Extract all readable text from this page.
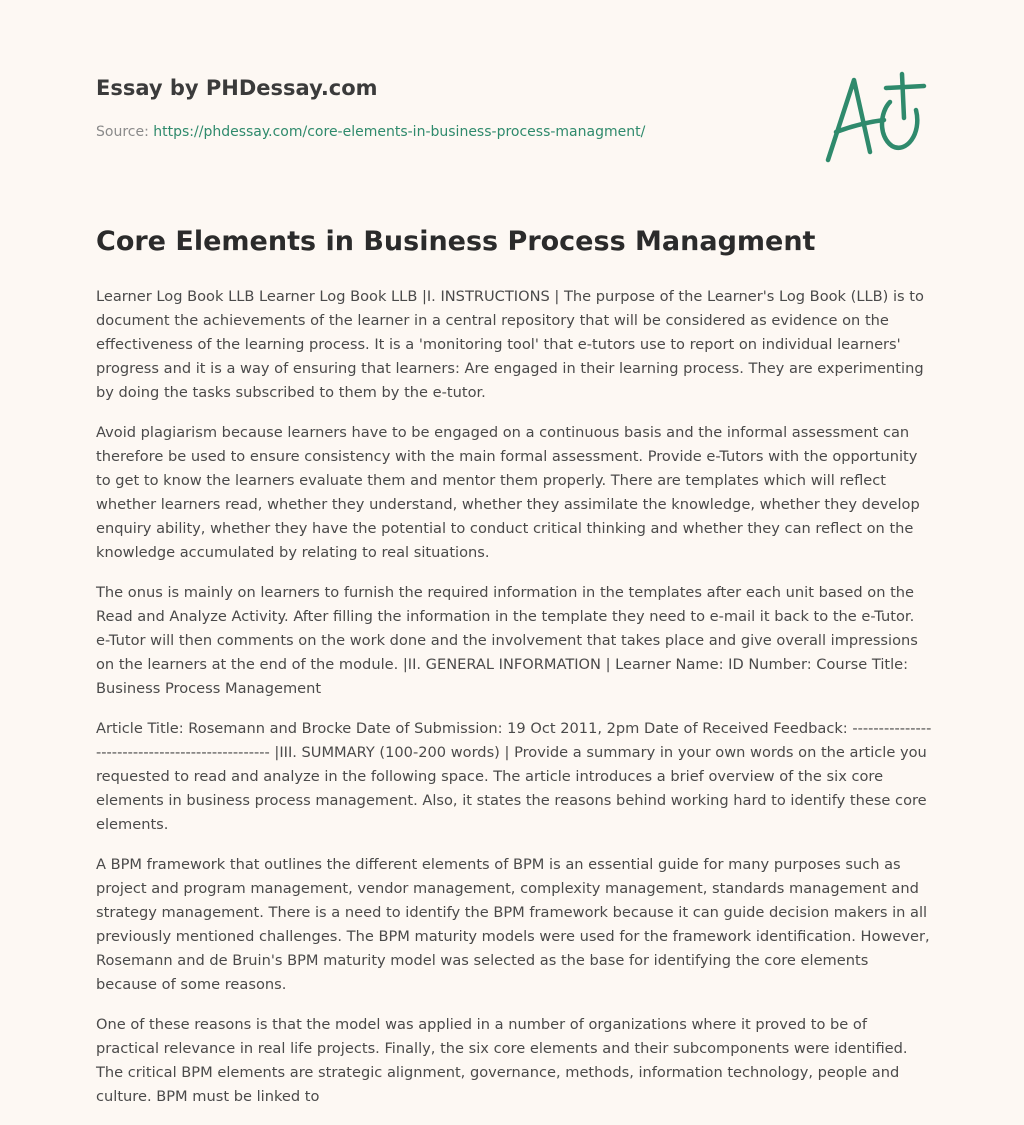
Essay by PHDessay.com
Source: https://phdessay.com/core-elements-in-business-process-managment/
Core Elements in Business Process Managment

Learner Log Book LLB Learner Log Book LLB |I. INSTRUCTIONS | The purpose of the Learner's Log Book (LLB) is to document the achievements of the learner in a central repository that will be considered as evidence on the effectiveness of the learning process. It is a 'monitoring tool' that e-tutors use to report on individual learners' progress and it is a way of ensuring that learners: Are engaged in their learning process. They are experimenting by doing the tasks subscribed to them by the e-tutor.

Avoid plagiarism because learners have to be engaged on a continuous basis and the informal assessment can therefore be used to ensure consistency with the main formal assessment. Provide e-Tutors with the opportunity to get to know the learners evaluate them and mentor them properly. There are templates which will reflect whether learners read, whether they understand, whether they assimilate the knowledge, whether they develop enquiry ability, whether they have the potential to conduct critical thinking and whether they can reflect on the knowledge accumulated by relating to real situations.

The onus is mainly on learners to furnish the required information in the templates after each unit based on the Read and Analyze Activity. After filling the information in the template they need to e-mail it back to the e-Tutor. e-Tutor will then comments on the work done and the involvement that takes place and give overall impressions on the learners at the end of the module. |II. GENERAL INFORMATION | Learner Name: ID Number: Course Title: Business Process Management

Article Title: Rosemann and Brocke Date of Submission: 19 Oct 2011, 2pm Date of Received Feedback: ------------------------------------------------ |III. SUMMARY (100-200 words) | Provide a summary in your own words on the article you requested to read and analyze in the following space. The article introduces a brief overview of the six core elements in business process management. Also, it states the reasons behind working hard to identify these core elements.

A BPM framework that outlines the different elements of BPM is an essential guide for many purposes such as project and program management, vendor management, complexity management, standards management and strategy management. There is a need to identify the BPM framework because it can guide decision makers in all previously mentioned challenges. The BPM maturity models were used for the framework identification. However, Rosemann and de Bruin's BPM maturity model was selected as the base for identifying the core elements because of some reasons.

One of these reasons is that the model was applied in a number of organizations where it proved to be of practical relevance in real life projects. Finally, the six core elements and their subcomponents were identified. The critical BPM elements are strategic alignment, governance, methods, information technology, people and culture. BPM must be linked to
